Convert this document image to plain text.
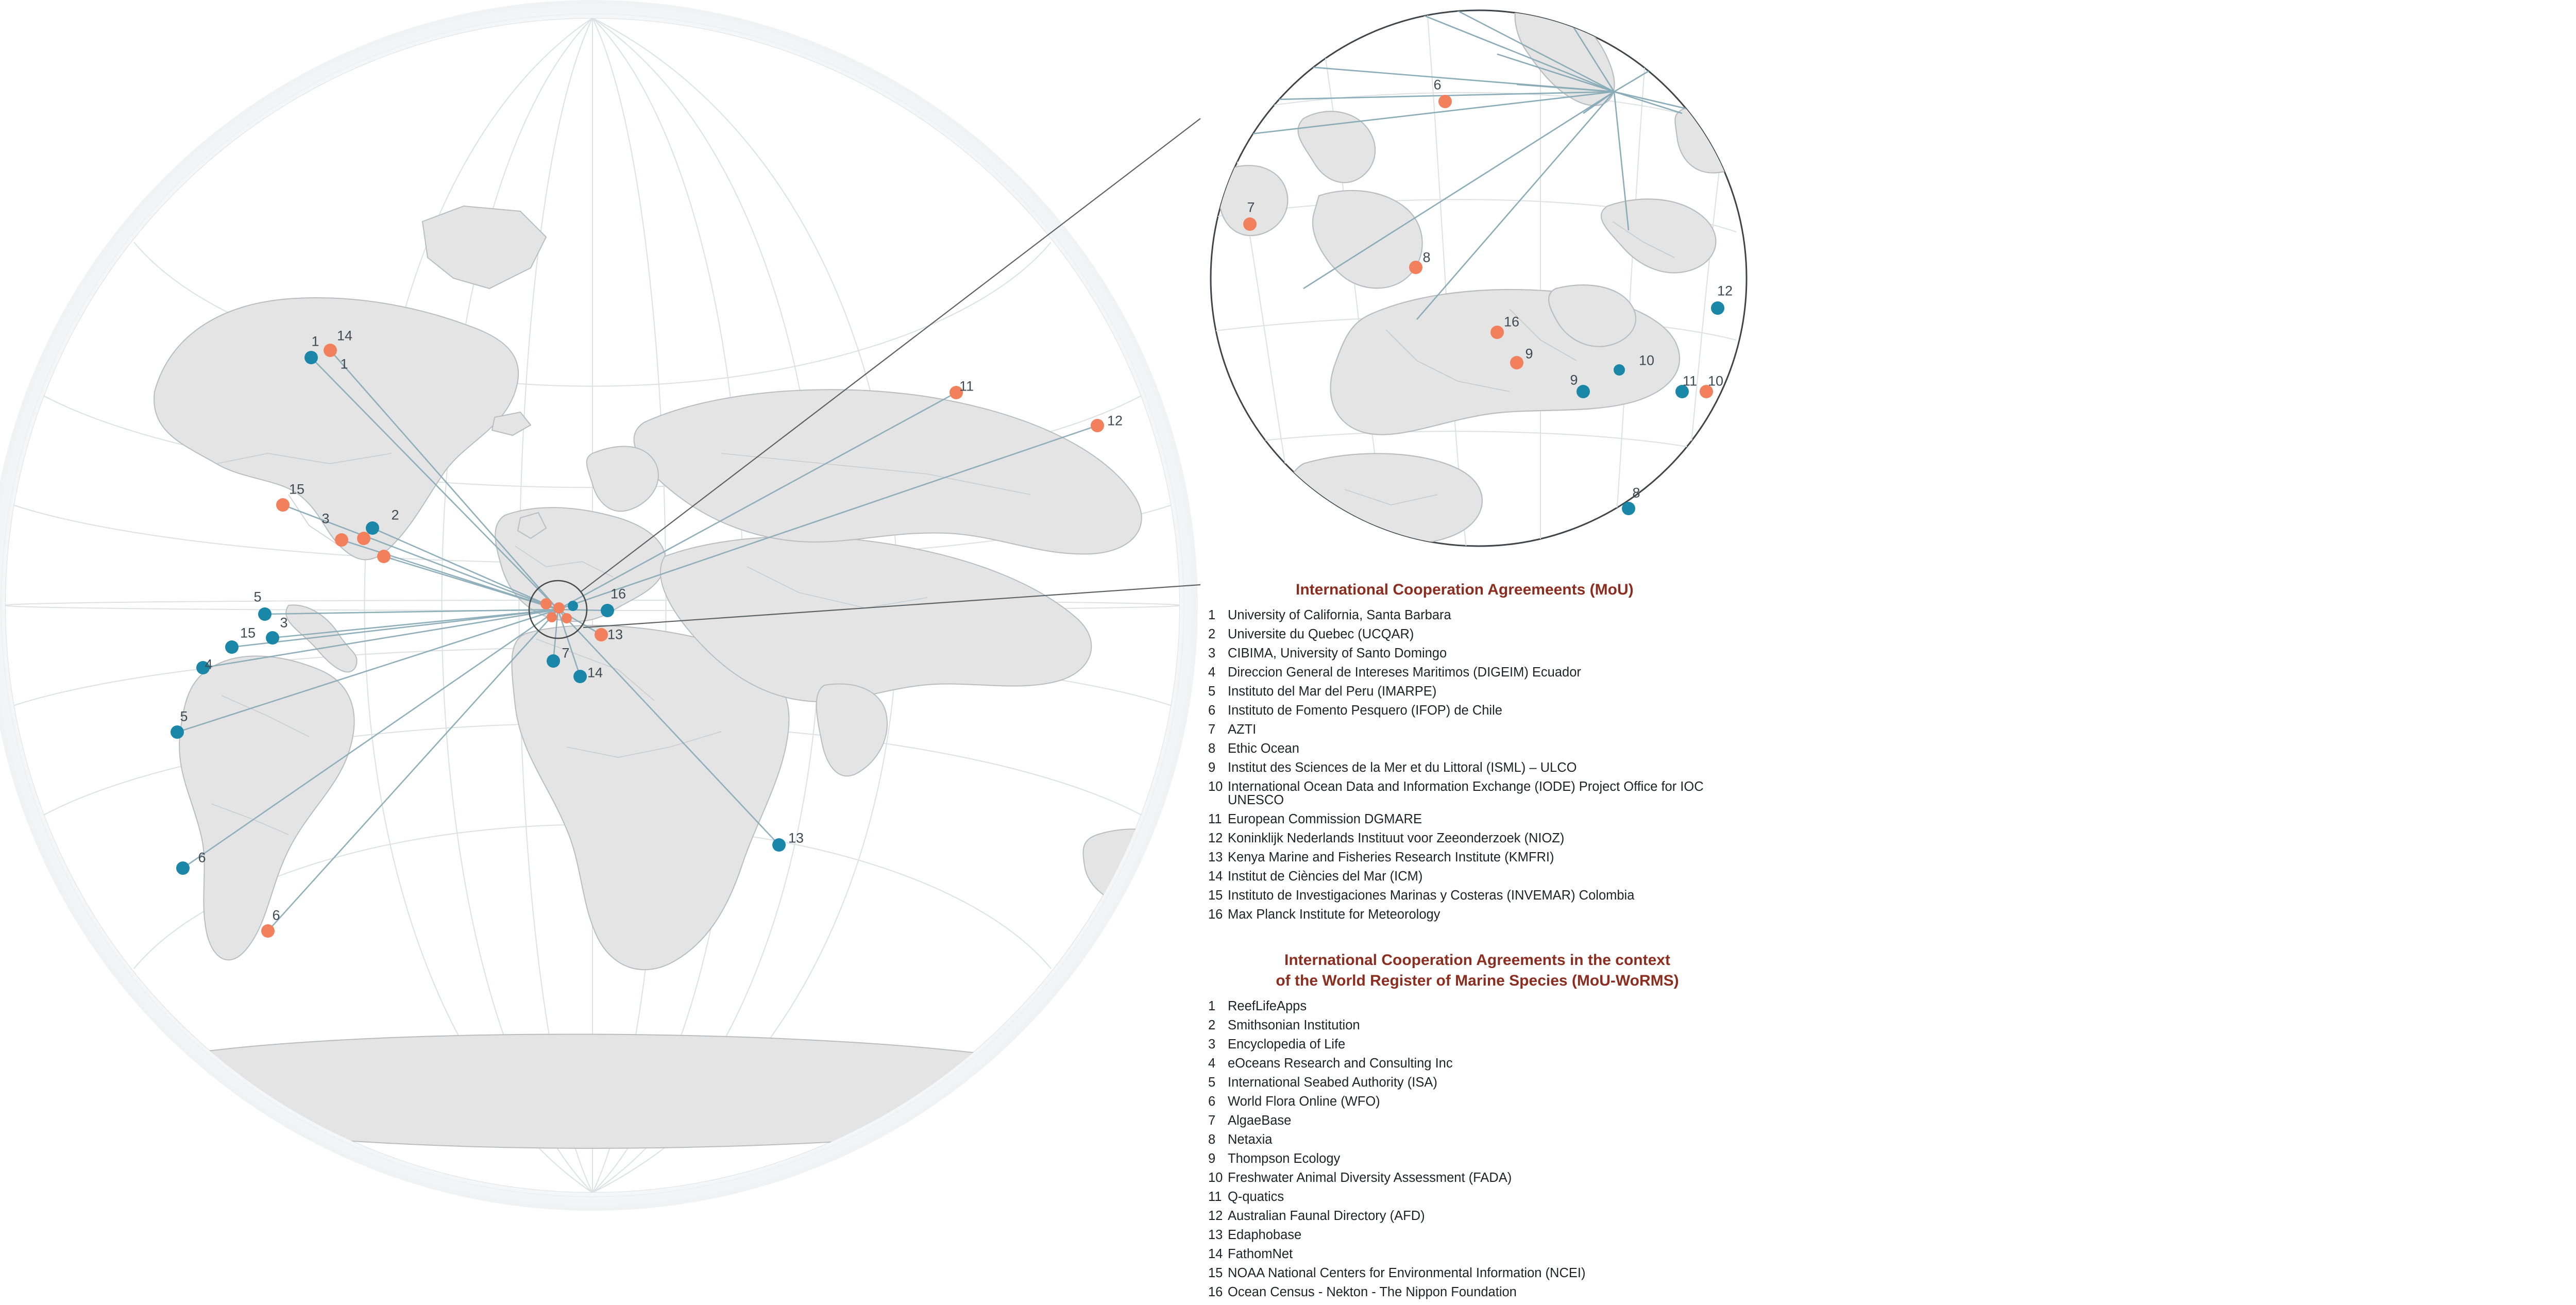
1 14
1
15
3	2
5
15
3
4
5
6
6
11
12
16
13
7
14
13
6
7
8
16
12
9	10
11 10
9
8
International Cooperation Agreemeents (MoU)
1 University of California, Santa Barbara
2 Universite du Quebec (UCQAR)
3 CIBIMA, University of Santo Domingo
4 Direccion General de Intereses Maritimos (DIGEIM) Ecuador
5 Instituto del Mar del Peru (IMARPE)
6 Instituto de Fomento Pesquero (IFOP) de Chile
7 AZTI
8 Ethic Ocean
9 Institut des Sciences de la Mer et du Littoral (ISML) – ULCO
10 International Ocean Data and Information Exchange (IODE) Project Office for IOC UNESCO
11 European Commission DGMARE
12 Koninklijk Nederlands Instituut voor Zeeonderzoek (NIOZ)
13 Kenya Marine and Fisheries Research Institute (KMFRI)
14 Institut de Ciències del Mar (ICM)
15 Instituto de Investigaciones Marinas y Costeras (INVEMAR) Colombia
16 Max Planck Institute for Meteorology
International Cooperation Agreements in the context
of the World Register of Marine Species (MoU-WoRMS)
1 ReefLifeApps
2 Smithsonian Institution
3 Encyclopedia of Life
4 eOceans Research and Consulting Inc
5 International Seabed Authority (ISA)
6 World Flora Online (WFO)
7 AlgaeBase
8 Netaxia
9 Thompson Ecology
10 Freshwater Animal Diversity Assessment (FADA)
11 Q-quatics
12 Australian Faunal Directory (AFD)
13 Edaphobase
14 FathomNet
15 NOAA National Centers for Environmental Information (NCEI)
16 Ocean Census - Nekton - The Nippon Foundation
